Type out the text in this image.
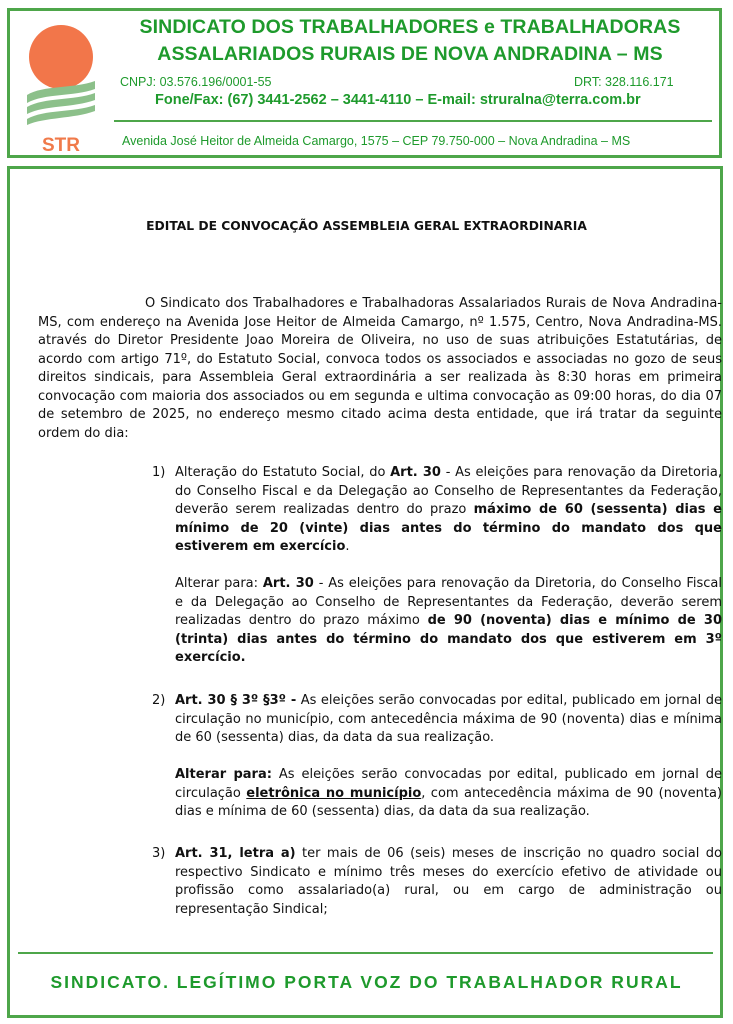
STR
SINDICATO DOS TRABALHADORES e TRABALHADORAS
ASSALARIADOS RURAIS DE NOVA ANDRADINA – MS
CNPJ: 03.576.196/0001-55	DRT: 328.116.171
Fone/Fax: (67) 3441-2562 – 3441-4110 – E-mail: struralna@terra.com.br
Avenida José Heitor de Almeida Camargo, 1575 – CEP 79.750-000 – Nova Andradina – MS
EDITAL DE CONVOCAÇÃO ASSEMBLEIA GERAL EXTRAORDINARIA

O Sindicato dos Trabalhadores e Trabalhadoras Assalariados Rurais de Nova Andradina-MS, com endereço na Avenida Jose Heitor de Almeida Camargo, nº 1.575, Centro, Nova Andradina-MS. através do Diretor Presidente Joao Moreira de Oliveira, no uso de suas atribuições Estatutárias, de acordo com artigo 71º, do Estatuto Social, convoca todos os associados e associadas no gozo de seus direitos sindicais, para Assembleia Geral extraordinária a ser realizada às 8:30 horas em primeira convocação com maioria dos associados ou em segunda e ultima convocação as 09:00 horas, do dia 07 de setembro de 2025, no endereço mesmo citado acima desta entidade, que irá tratar da seguinte ordem do dia:

1) Alteração do Estatuto Social, do Art. 30 - As eleições para renovação da Diretoria, do Conselho Fiscal e da Delegação ao Conselho de Representantes da Federação, deverão serem realizadas dentro do prazo máximo de 60 (sessenta) dias e mínimo de 20 (vinte) dias antes do término do mandato dos que estiverem em exercício.
Alterar para: Art. 30 - As eleições para renovação da Diretoria, do Conselho Fiscal e da Delegação ao Conselho de Representantes da Federação, deverão serem realizadas dentro do prazo máximo de 90 (noventa) dias e mínimo de 30 (trinta) dias antes do término do mandato dos que estiverem em 3º exercício.
2) Art. 30 § 3º §3º - As eleições serão convocadas por edital, publicado em jornal de circulação no município, com antecedência máxima de 90 (noventa) dias e mínima de 60 (sessenta) dias, da data da sua realização.
Alterar para: As eleições serão convocadas por edital, publicado em jornal de circulação eletrônica no município, com antecedência máxima de 90 (noventa) dias e mínima de 60 (sessenta) dias, da data da sua realização.
3) Art. 31, letra a) ter mais de 06 (seis) meses de inscrição no quadro social do respectivo Sindicato e mínimo três meses do exercício efetivo de atividade ou profissão como assalariado(a) rural, ou em cargo de administração ou representação Sindical;
SINDICATO. LEGÍTIMO PORTA VOZ DO TRABALHADOR RURAL
